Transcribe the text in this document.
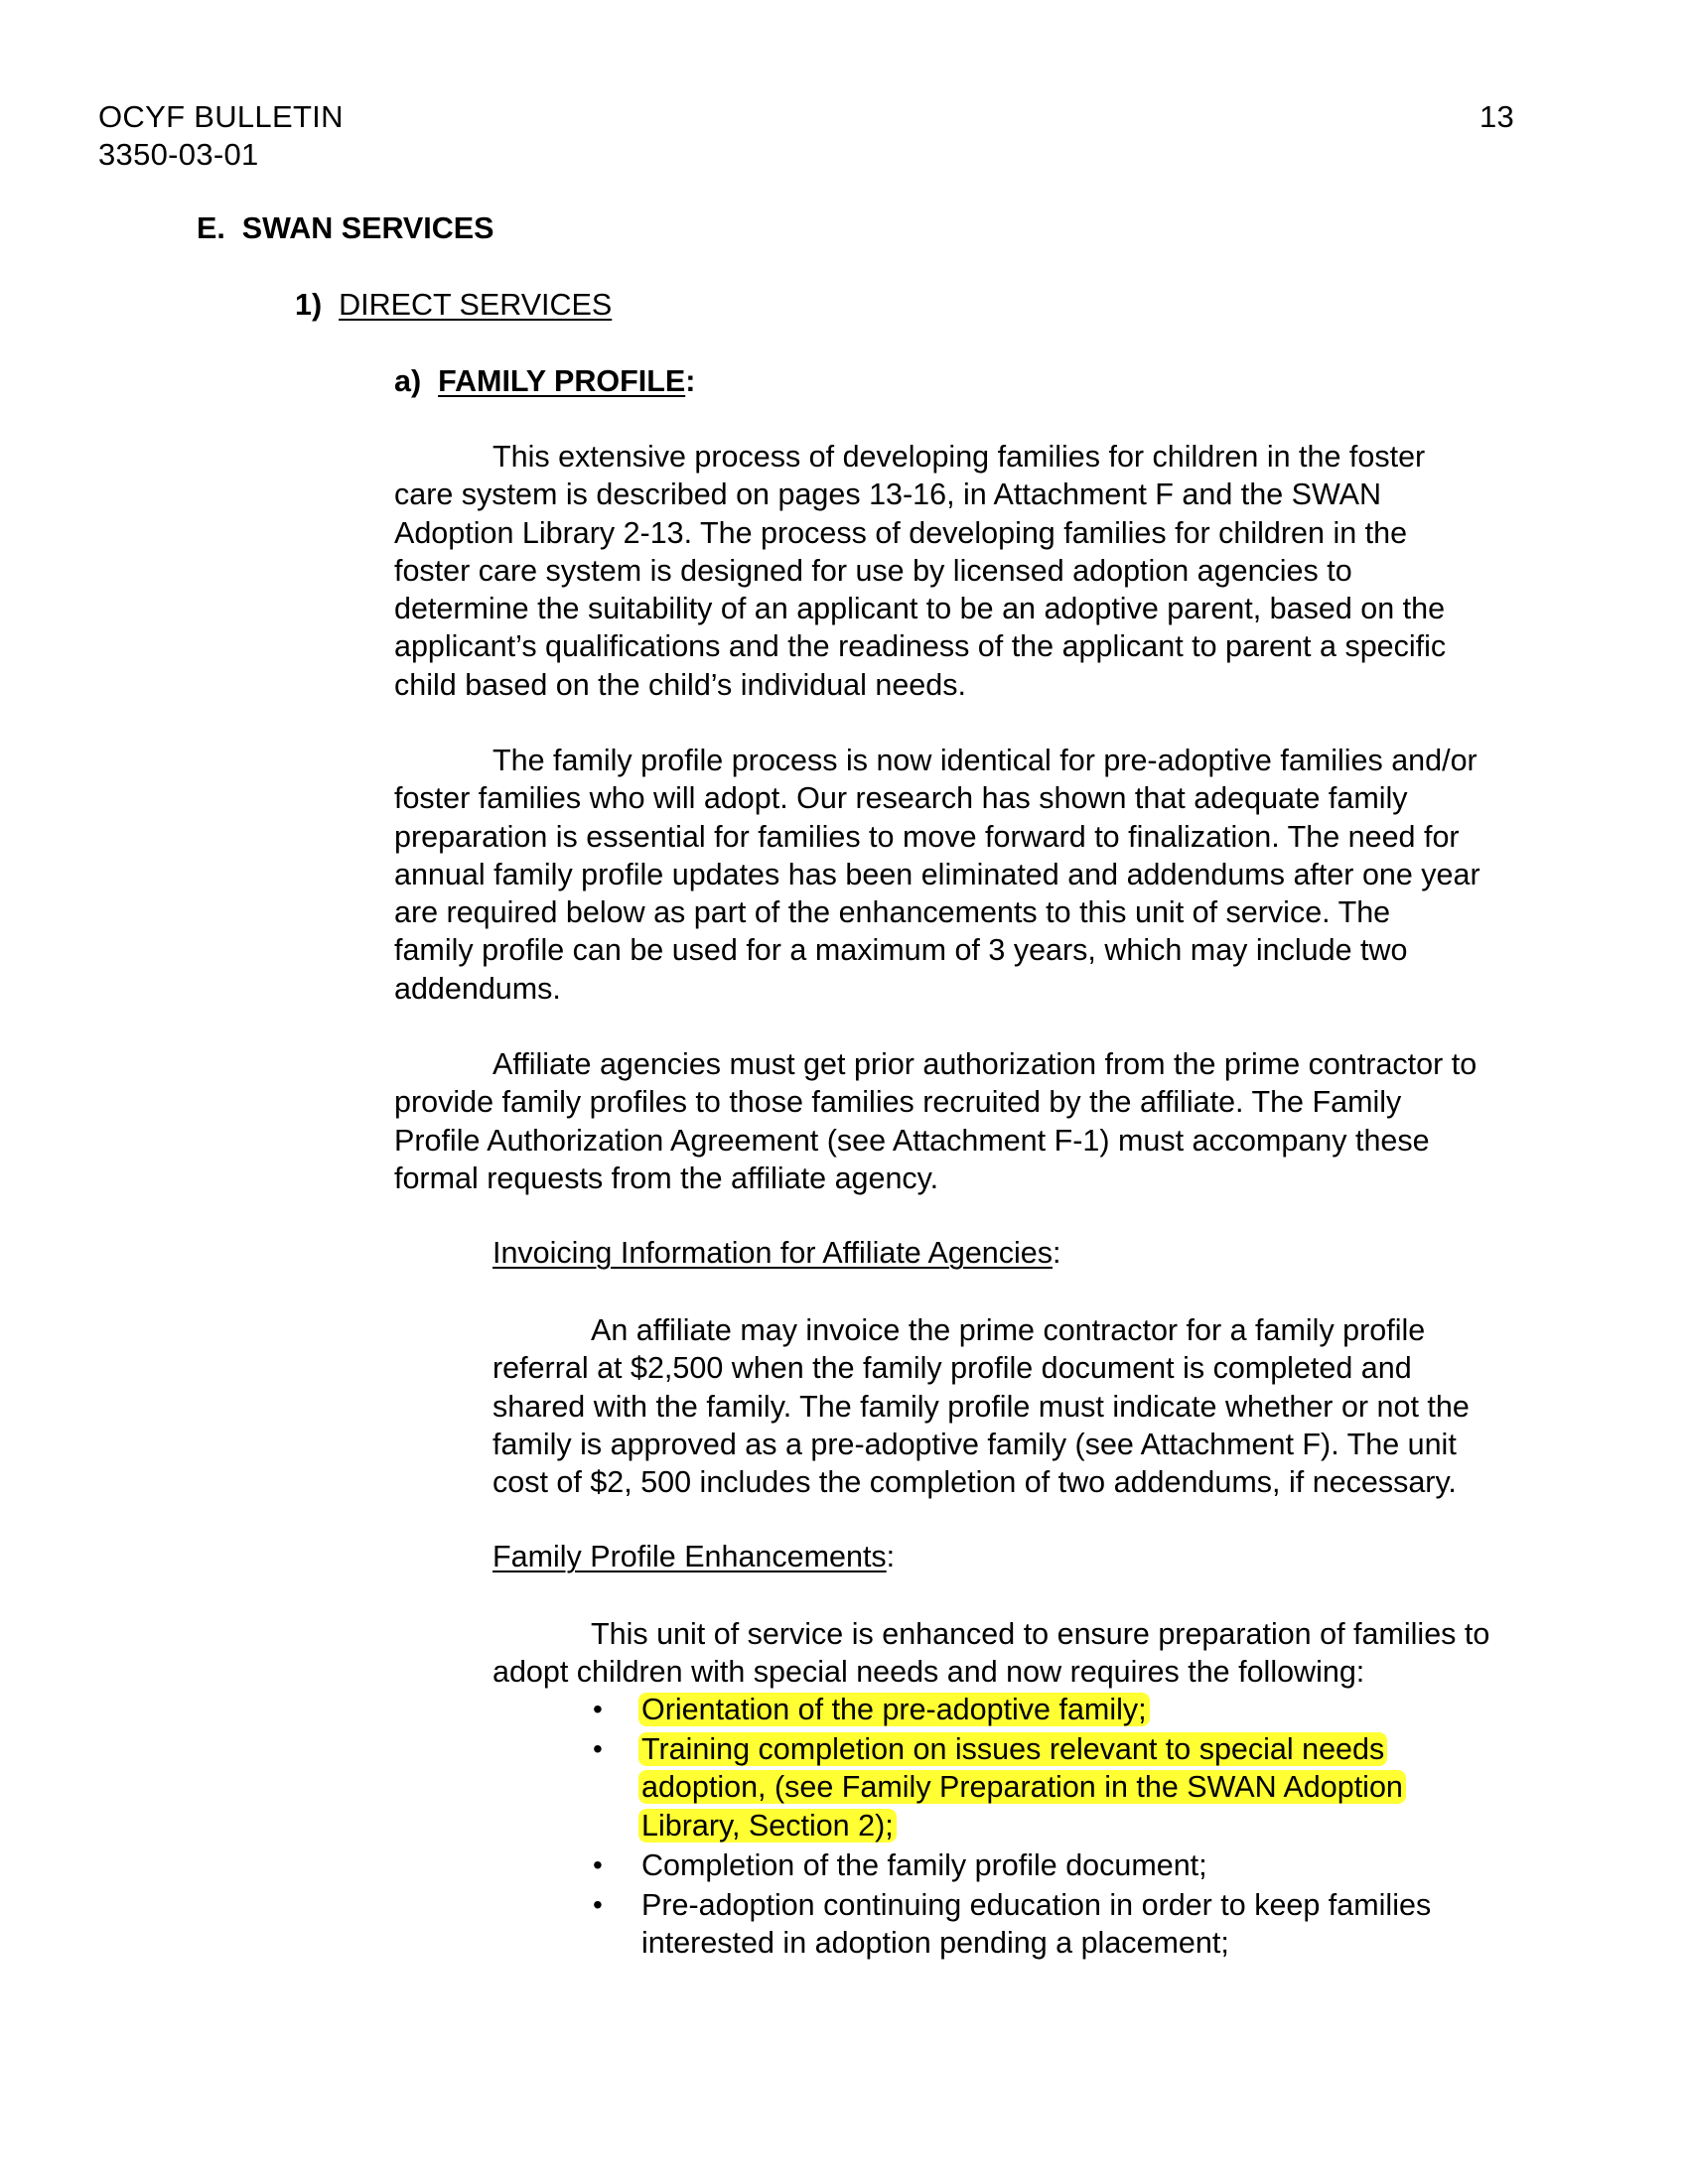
OCYF BULLETIN
3350-03-01
13
E. SWAN SERVICES
1) DIRECT SERVICES
a) FAMILY PROFILE:
This extensive process of developing families for children in the foster
care system is described on pages 13-16, in Attachment F and the SWAN
Adoption Library 2-13. The process of developing families for children in the
foster care system is designed for use by licensed adoption agencies to
determine the suitability of an applicant to be an adoptive parent, based on the
applicant’s qualifications and the readiness of the applicant to parent a specific
child based on the child’s individual needs.
The family profile process is now identical for pre-adoptive families and/or
foster families who will adopt. Our research has shown that adequate family
preparation is essential for families to move forward to finalization. The need for
annual family profile updates has been eliminated and addendums after one year
are required below as part of the enhancements to this unit of service. The
family profile can be used for a maximum of 3 years, which may include two
addendums.
Affiliate agencies must get prior authorization from the prime contractor to
provide family profiles to those families recruited by the affiliate. The Family
Profile Authorization Agreement (see Attachment F-1) must accompany these
formal requests from the affiliate agency.
Invoicing Information for Affiliate Agencies:
An affiliate may invoice the prime contractor for a family profile
referral at $2,500 when the family profile document is completed and
shared with the family. The family profile must indicate whether or not the
family is approved as a pre-adoptive family (see Attachment F). The unit
cost of $2, 500 includes the completion of two addendums, if necessary.
Family Profile Enhancements:
This unit of service is enhanced to ensure preparation of families to
adopt children with special needs and now requires the following:
• Orientation of the pre-adoptive family;
• Training completion on issues relevant to special needs
adoption, (see Family Preparation in the SWAN Adoption
Library, Section 2);
• Completion of the family profile document;
• Pre-adoption continuing education in order to keep families
interested in adoption pending a placement;
